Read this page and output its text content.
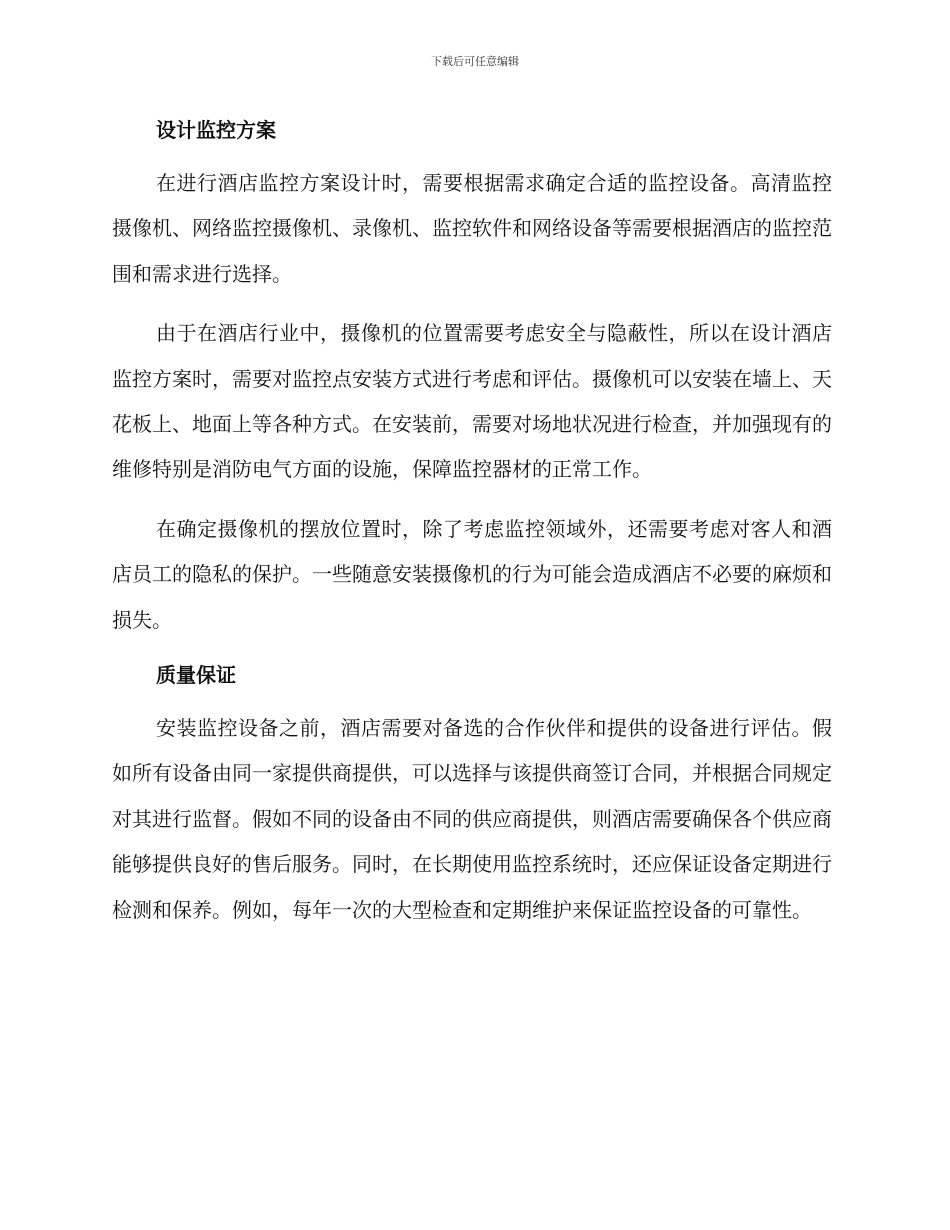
下载后可任意编辑
设计监控方案

在进行酒店监控方案设计时，需要根据需求确定合适的监控设备。高清监控摄像机、网络监控摄像机、录像机、监控软件和网络设备等需要根据酒店的监控范围和需求进行选择。

由于在酒店行业中，摄像机的位置需要考虑安全与隐蔽性，所以在设计酒店监控方案时，需要对监控点安装方式进行考虑和评估。摄像机可以安装在墙上、天花板上、地面上等各种方式。在安装前，需要对场地状况进行检查，并加强现有的维修特别是消防电气方面的设施，保障监控器材的正常工作。

在确定摄像机的摆放位置时，除了考虑监控领域外，还需要考虑对客人和酒店员工的隐私的保护。一些随意安装摄像机的行为可能会造成酒店不必要的麻烦和损失。

质量保证

安装监控设备之前，酒店需要对备选的合作伙伴和提供的设备进行评估。假如所有设备由同一家提供商提供，可以选择与该提供商签订合同，并根据合同规定对其进行监督。假如不同的设备由不同的供应商提供，则酒店需要确保各个供应商能够提供良好的售后服务。同时，在长期使用监控系统时，还应保证设备定期进行检测和保养。例如，每年一次的大型检查和定期维护来保证监控设备的可靠性。
